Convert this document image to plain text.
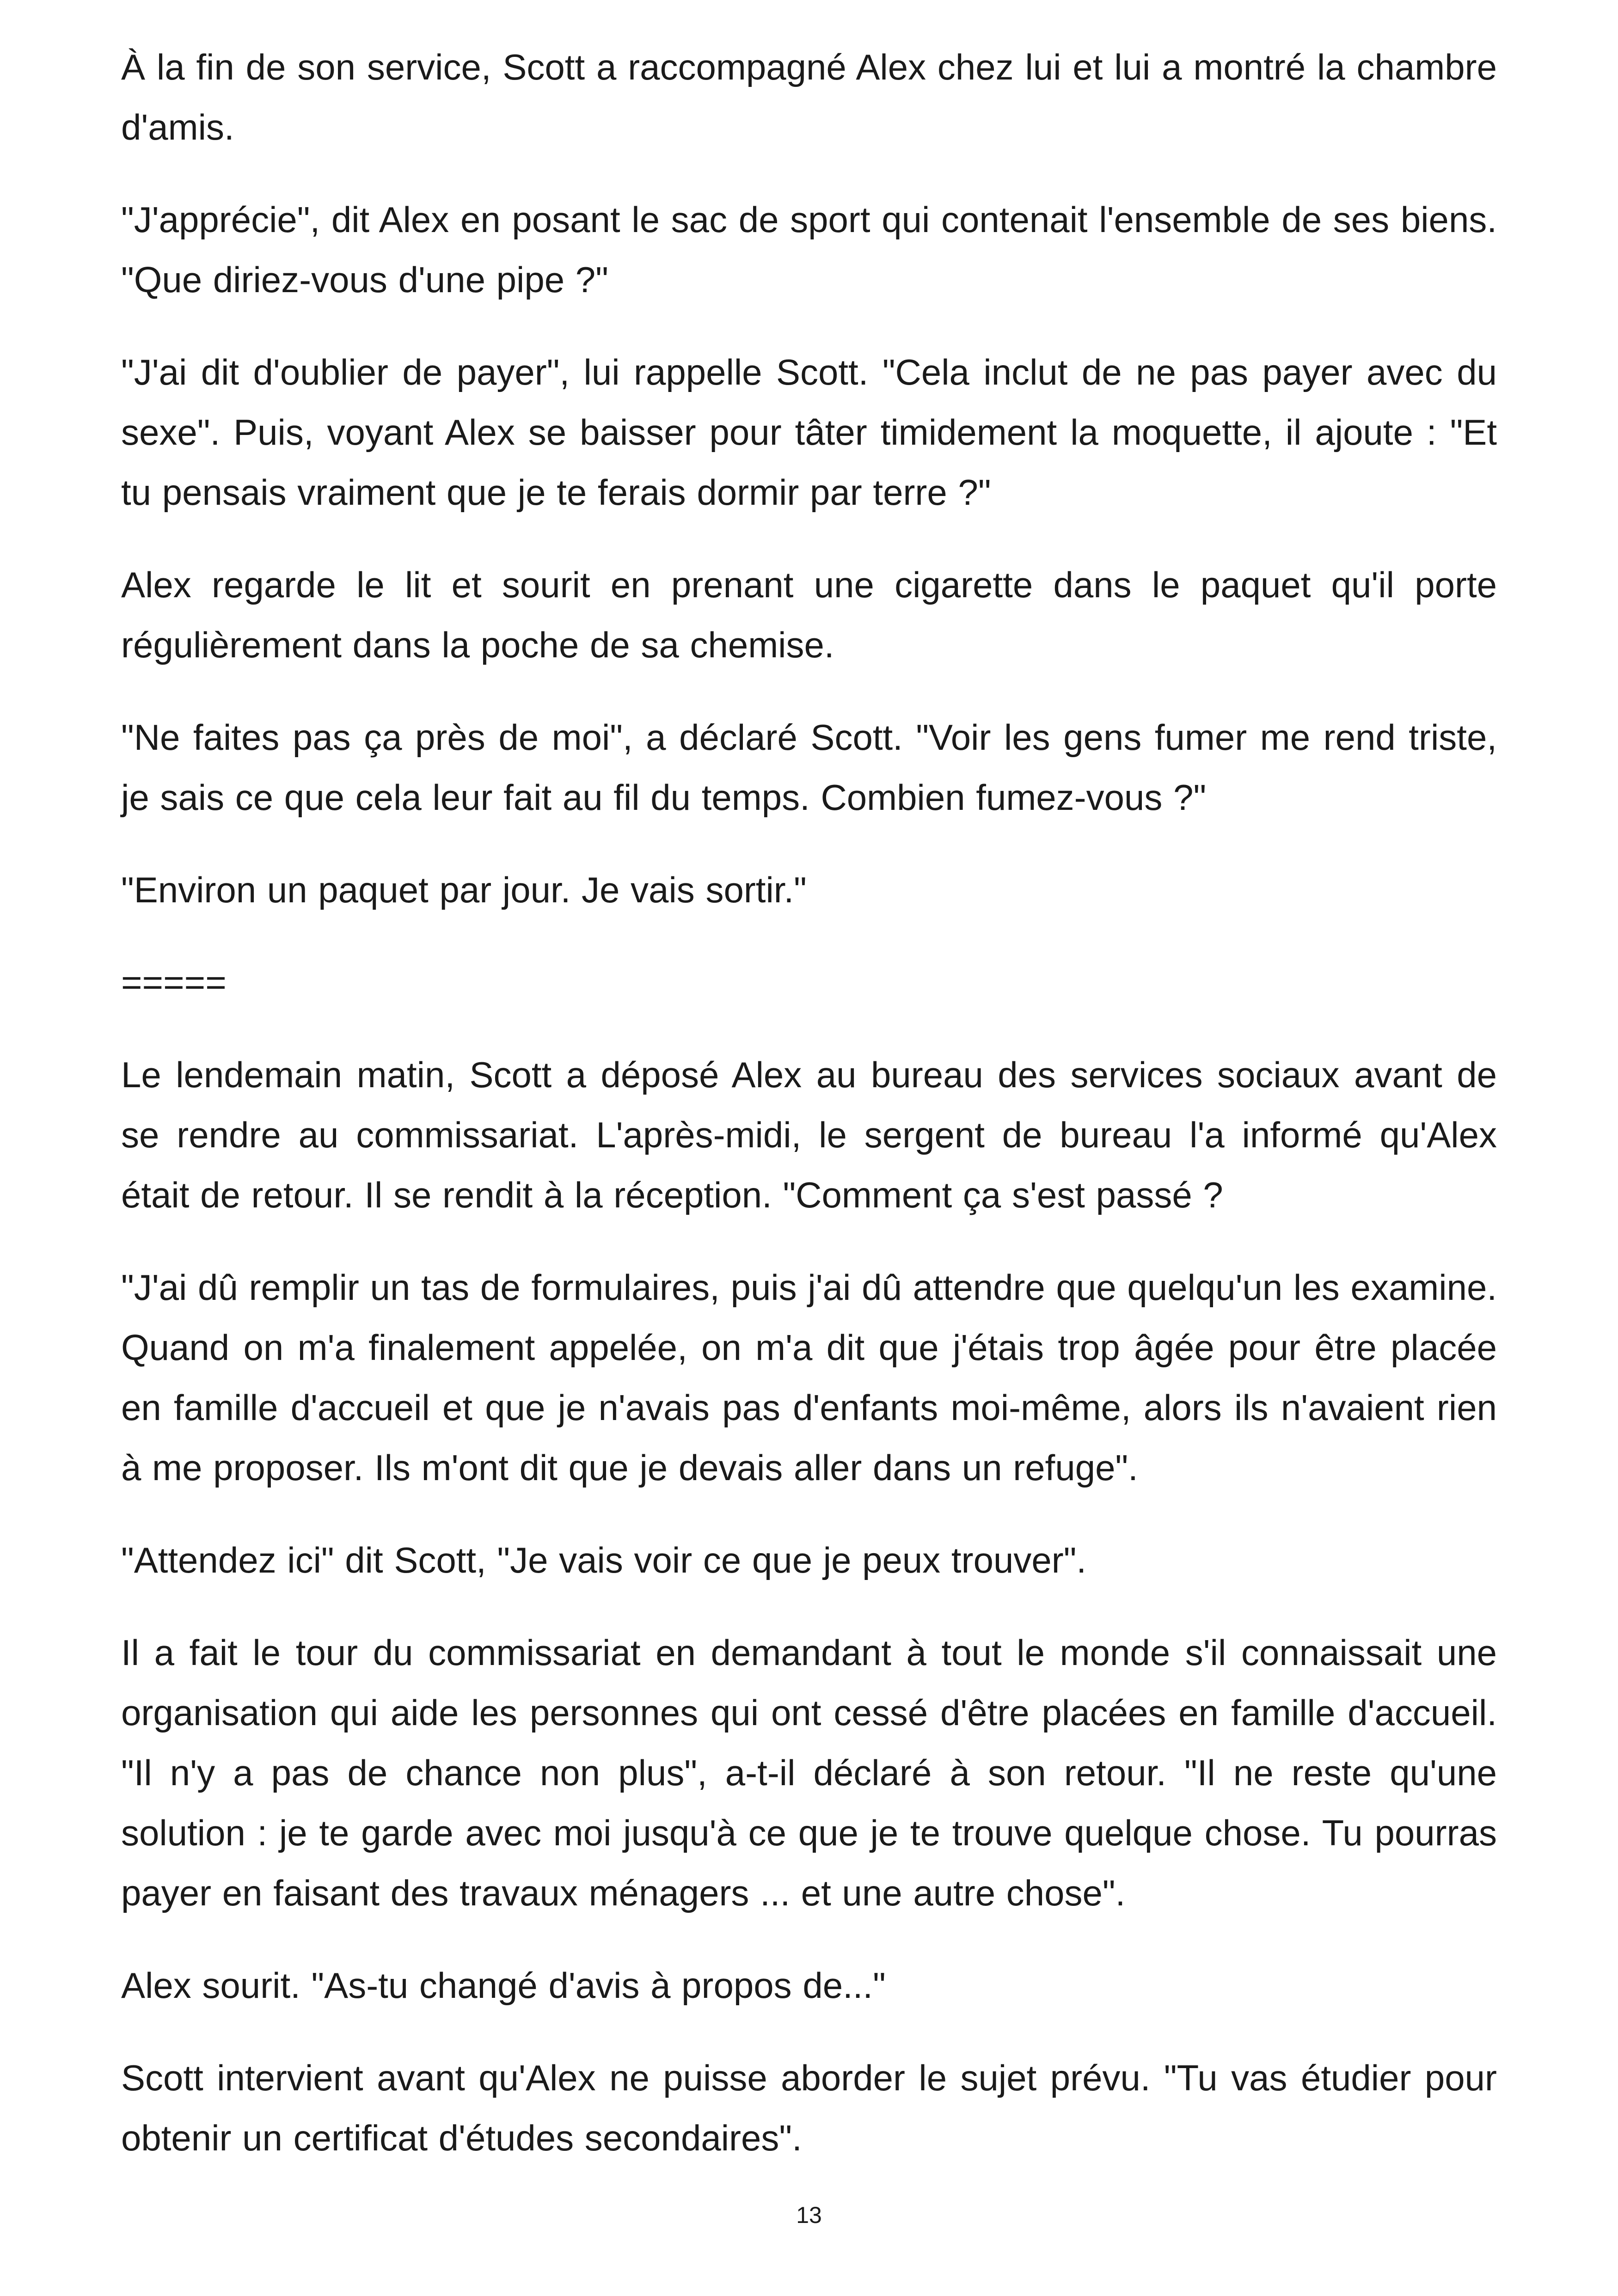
À la fin de son service, Scott a raccompagné Alex chez lui et lui a montré la chambre d'amis.

"J'apprécie", dit Alex en posant le sac de sport qui contenait l'ensemble de ses biens. "Que diriez-vous d'une pipe ?"

"J'ai dit d'oublier de payer", lui rappelle Scott. "Cela inclut de ne pas payer avec du sexe". Puis, voyant Alex se baisser pour tâter timidement la moquette, il ajoute : "Et tu pensais vraiment que je te ferais dormir par terre ?"

Alex regarde le lit et sourit en prenant une cigarette dans le paquet qu'il porte régulièrement dans la poche de sa chemise.

"Ne faites pas ça près de moi", a déclaré Scott. "Voir les gens fumer me rend triste, je sais ce que cela leur fait au fil du temps. Combien fumez-vous ?"

"Environ un paquet par jour. Je vais sortir."

=====

Le lendemain matin, Scott a déposé Alex au bureau des services sociaux avant de se rendre au commissariat. L'après-midi, le sergent de bureau l'a informé qu'Alex était de retour. Il se rendit à la réception. "Comment ça s'est passé ?

"J'ai dû remplir un tas de formulaires, puis j'ai dû attendre que quelqu'un les examine. Quand on m'a finalement appelée, on m'a dit que j'étais trop âgée pour être placée en famille d'accueil et que je n'avais pas d'enfants moi-même, alors ils n'avaient rien à me proposer. Ils m'ont dit que je devais aller dans un refuge".

"Attendez ici" dit Scott, "Je vais voir ce que je peux trouver".

Il a fait le tour du commissariat en demandant à tout le monde s'il connaissait une organisation qui aide les personnes qui ont cessé d'être placées en famille d'accueil. "Il n'y a pas de chance non plus", a-t-il déclaré à son retour. "Il ne reste qu'une solution : je te garde avec moi jusqu'à ce que je te trouve quelque chose. Tu pourras payer en faisant des travaux ménagers ... et une autre chose".

Alex sourit. "As-tu changé d'avis à propos de..."

Scott intervient avant qu'Alex ne puisse aborder le sujet prévu. "Tu vas étudier pour obtenir un certificat d'études secondaires".

13
